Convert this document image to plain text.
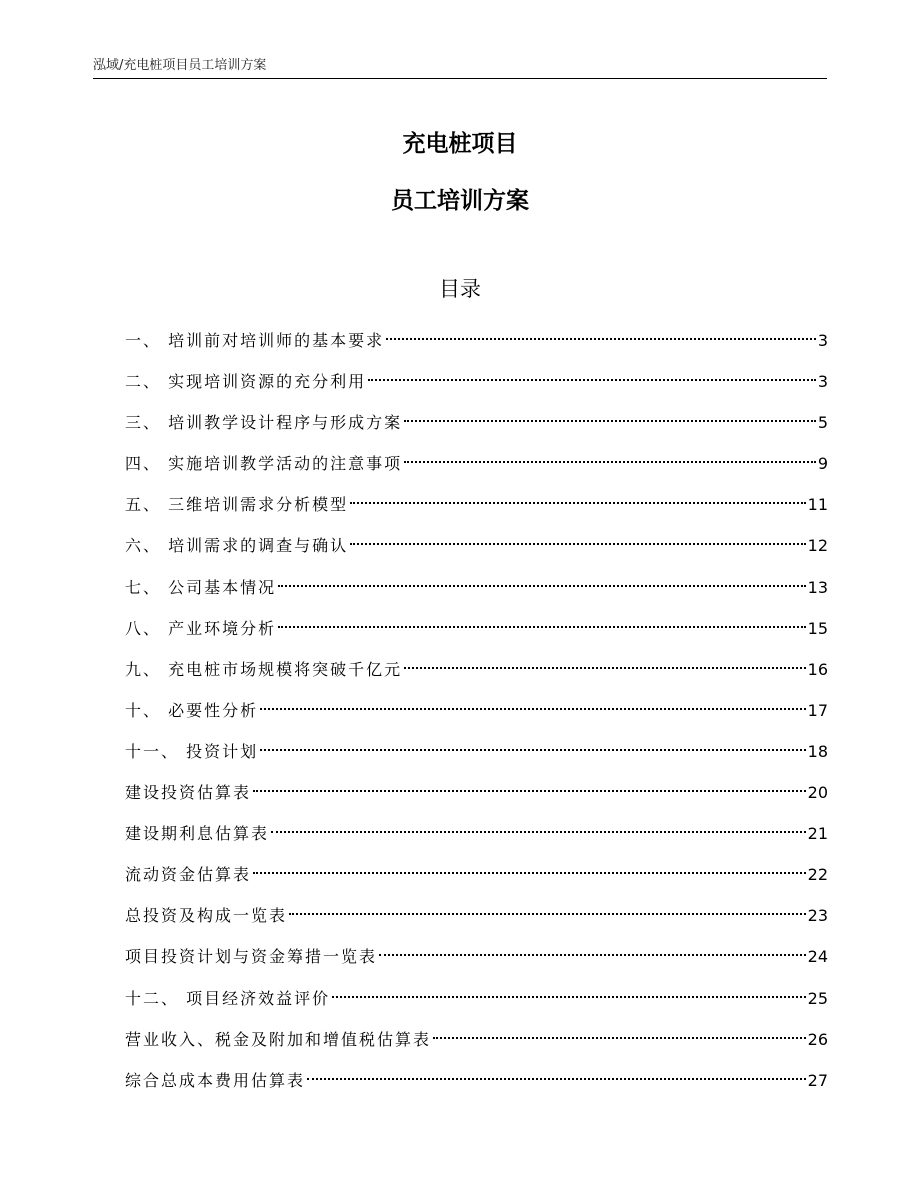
泓域/充电桩项目员工培训方案
充电桩项目
员工培训方案
目录
一、 培训前对培训师的基本要求	3
二、 实现培训资源的充分利用	3
三、 培训教学设计程序与形成方案	5
四、 实施培训教学活动的注意事项	9
五、 三维培训需求分析模型	11
六、 培训需求的调查与确认	12
七、 公司基本情况	13
八、 产业环境分析	15
九、 充电桩市场规模将突破千亿元	16
十、 必要性分析	17
十一、 投资计划	18
建设投资估算表	20
建设期利息估算表	21
流动资金估算表	22
总投资及构成一览表	23
项目投资计划与资金筹措一览表	24
十二、 项目经济效益评价	25
营业收入、税金及附加和增值税估算表	26
综合总成本费用估算表	27
